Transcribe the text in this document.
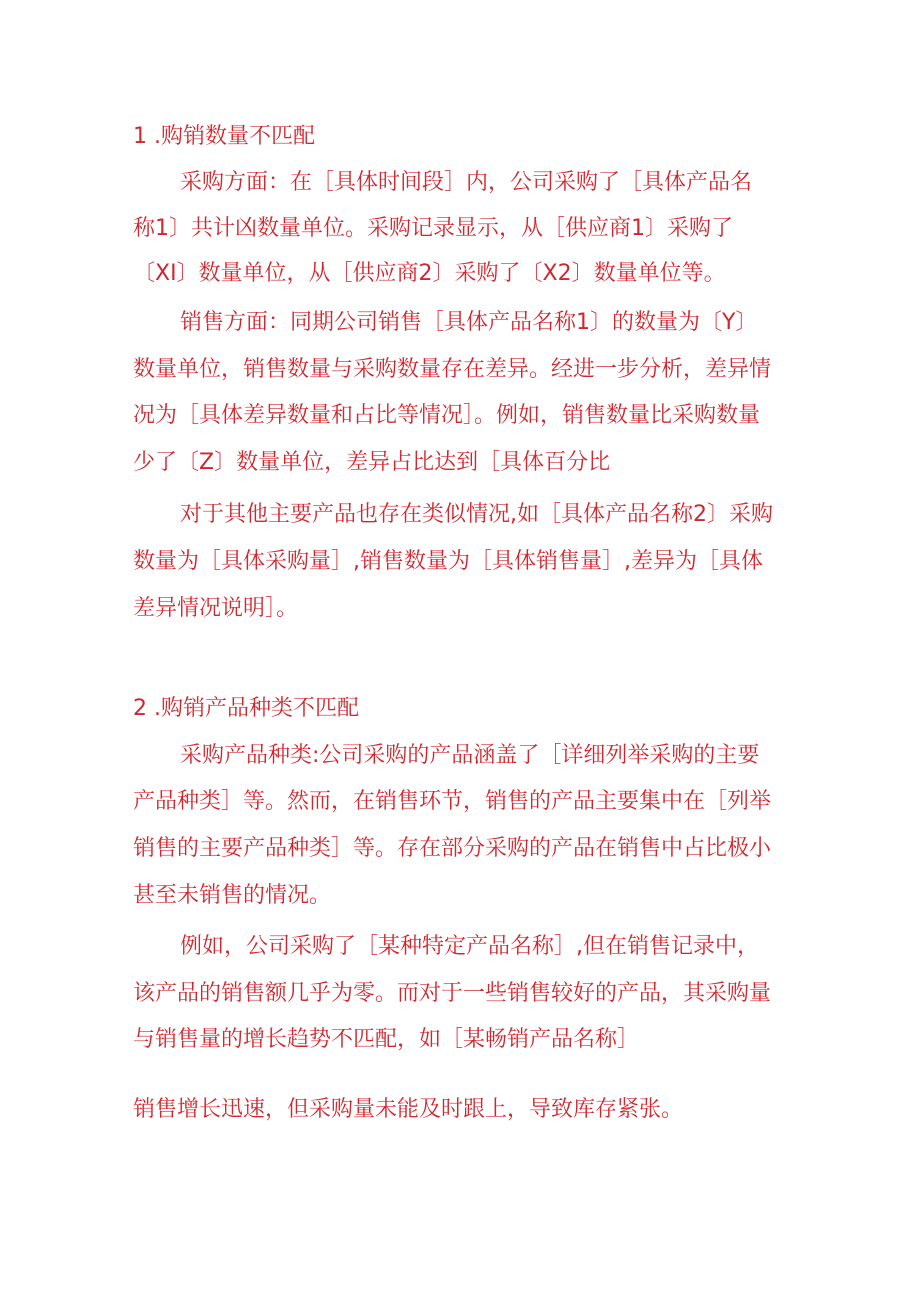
1 .购销数量不匹配
采购方面：在［具体时间段］内，公司采购了［具体产品名
称1〕共计凶数量单位。采购记录显示，从［供应商1〕采购了
〔XI〕数量单位，从［供应商2〕采购了〔X2〕数量单位等。
销售方面：同期公司销售［具体产品名称1〕的数量为〔Y〕
数量单位，销售数量与采购数量存在差异。经进一步分析，差异情
况为［具体差异数量和占比等情况］。例如，销售数量比采购数量
少了〔Z〕数量单位，差异占比达到［具体百分比
对于其他主要产品也存在类似情况,如［具体产品名称2〕采购
数量为［具体采购量］,销售数量为［具体销售量］,差异为［具体
差异情况说明］。
2 .购销产品种类不匹配
采购产品种类:公司采购的产品涵盖了［详细列举采购的主要
产品种类］等。然而，在销售环节，销售的产品主要集中在［列举
销售的主要产品种类］等。存在部分采购的产品在销售中占比极小
甚至未销售的情况。
例如，公司采购了［某种特定产品名称］,但在销售记录中，
该产品的销售额几乎为零。而对于一些销售较好的产品，其采购量
与销售量的增长趋势不匹配，如［某畅销产品名称］
销售增长迅速，但采购量未能及时跟上，导致库存紧张。
